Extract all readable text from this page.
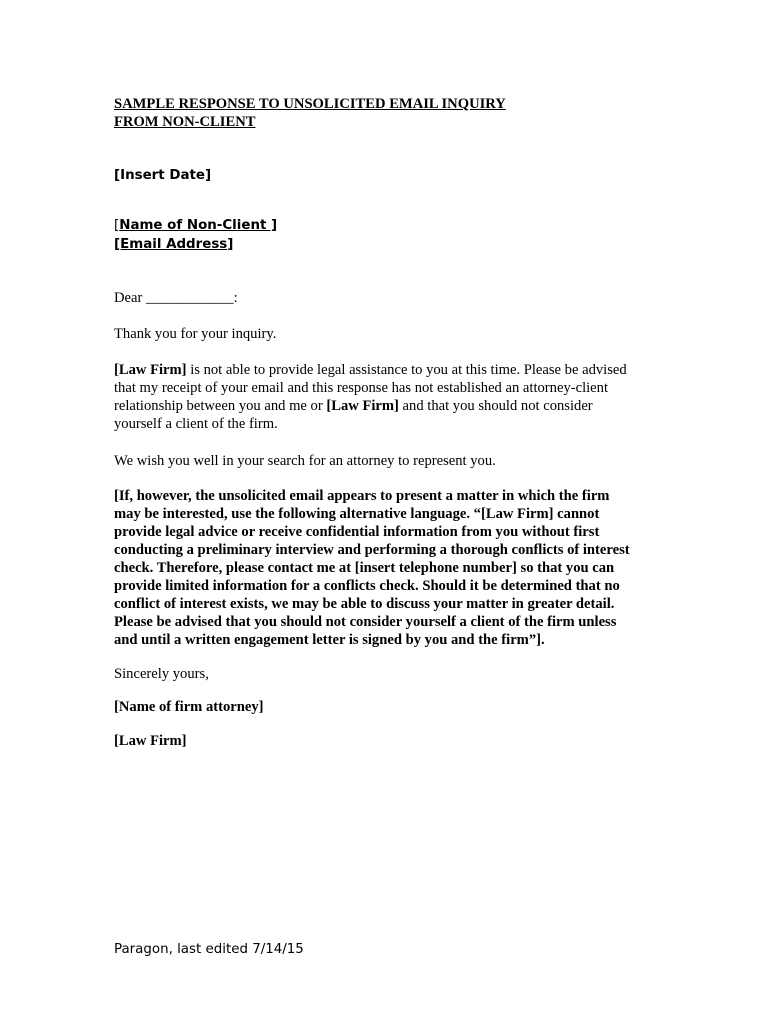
SAMPLE RESPONSE TO UNSOLICITED EMAIL INQUIRY
FROM NON-CLIENT
[Insert Date]
[Name of Non-Client ]
[Email Address]
Dear ____________:
Thank you for your inquiry.
[Law Firm] is not able to provide legal assistance to you at this time. Please be advised
that my receipt of your email and this response has not established an attorney-client
relationship between you and me or [Law Firm] and that you should not consider
yourself a client of the firm.
We wish you well in your search for an attorney to represent you.
[If, however, the unsolicited email appears to present a matter in which the firm
may be interested, use the following alternative language. “[Law Firm] cannot
provide legal advice or receive confidential information from you without first
conducting a preliminary interview and performing a thorough conflicts of interest
check. Therefore, please contact me at [insert telephone number] so that you can
provide limited information for a conflicts check. Should it be determined that no
conflict of interest exists, we may be able to discuss your matter in greater detail.
Please be advised that you should not consider yourself a client of the firm unless
and until a written engagement letter is signed by you and the firm”].
Sincerely yours,
[Name of firm attorney]
[Law Firm]
Paragon, last edited 7/14/15
